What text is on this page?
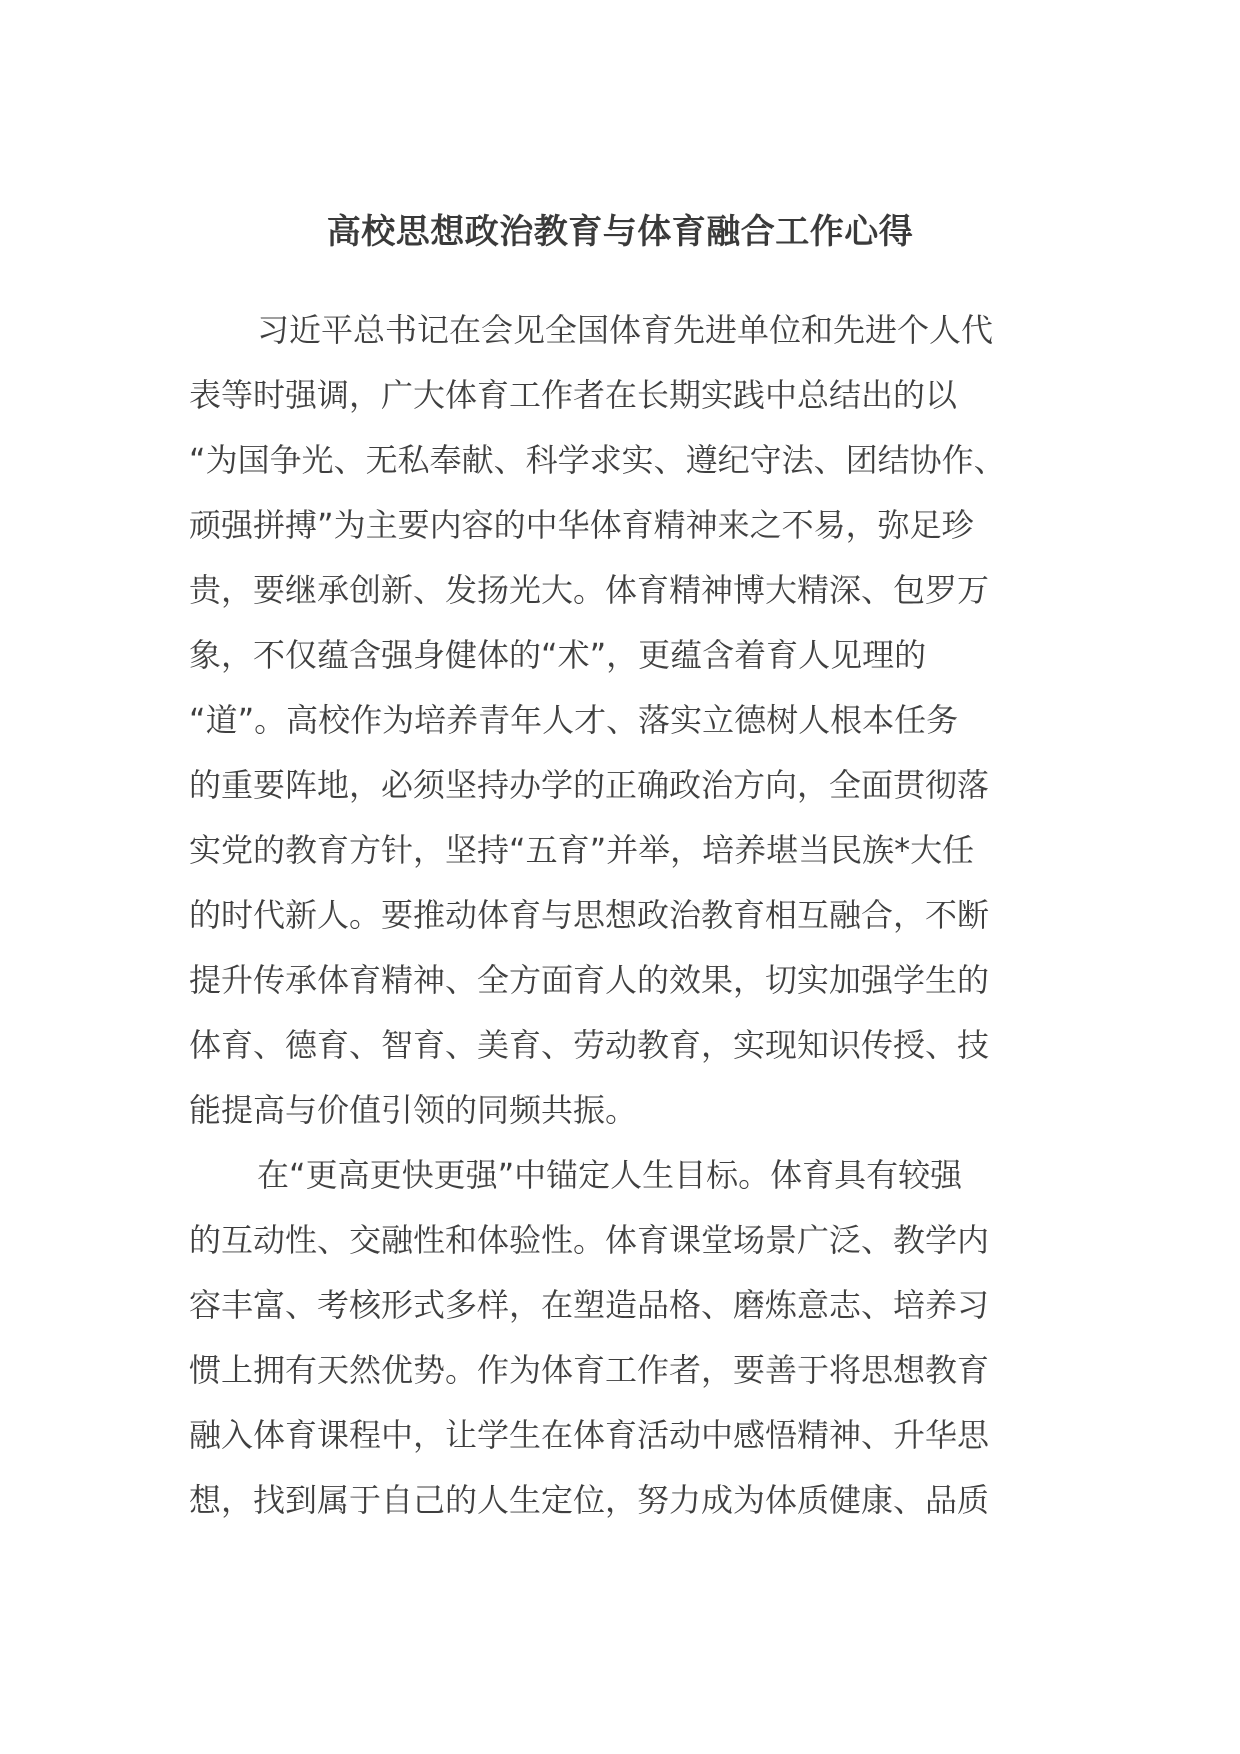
高校思想政治教育与体育融合工作心得
习近平总书记在会见全国体育先进单位和先进个人代
表等时强调，广大体育工作者在长期实践中总结出的以
“为国争光、无私奉献、科学求实、遵纪守法、团结协作、
顽强拼搏”为主要内容的中华体育精神来之不易，弥足珍
贵，要继承创新、发扬光大。体育精神博大精深、包罗万
象，不仅蕴含强身健体的“术”，更蕴含着育人见理的
“道”。高校作为培养青年人才、落实立德树人根本任务
的重要阵地，必须坚持办学的正确政治方向，全面贯彻落
实党的教育方针，坚持“五育”并举，培养堪当民族*大任
的时代新人。要推动体育与思想政治教育相互融合，不断
提升传承体育精神、全方面育人的效果，切实加强学生的
体育、德育、智育、美育、劳动教育，实现知识传授、技
能提高与价值引领的同频共振。
在“更高更快更强”中锚定人生目标。体育具有较强
的互动性、交融性和体验性。体育课堂场景广泛、教学内
容丰富、考核形式多样，在塑造品格、磨炼意志、培养习
惯上拥有天然优势。作为体育工作者，要善于将思想教育
融入体育课程中，让学生在体育活动中感悟精神、升华思
想，找到属于自己的人生定位，努力成为体质健康、品质
